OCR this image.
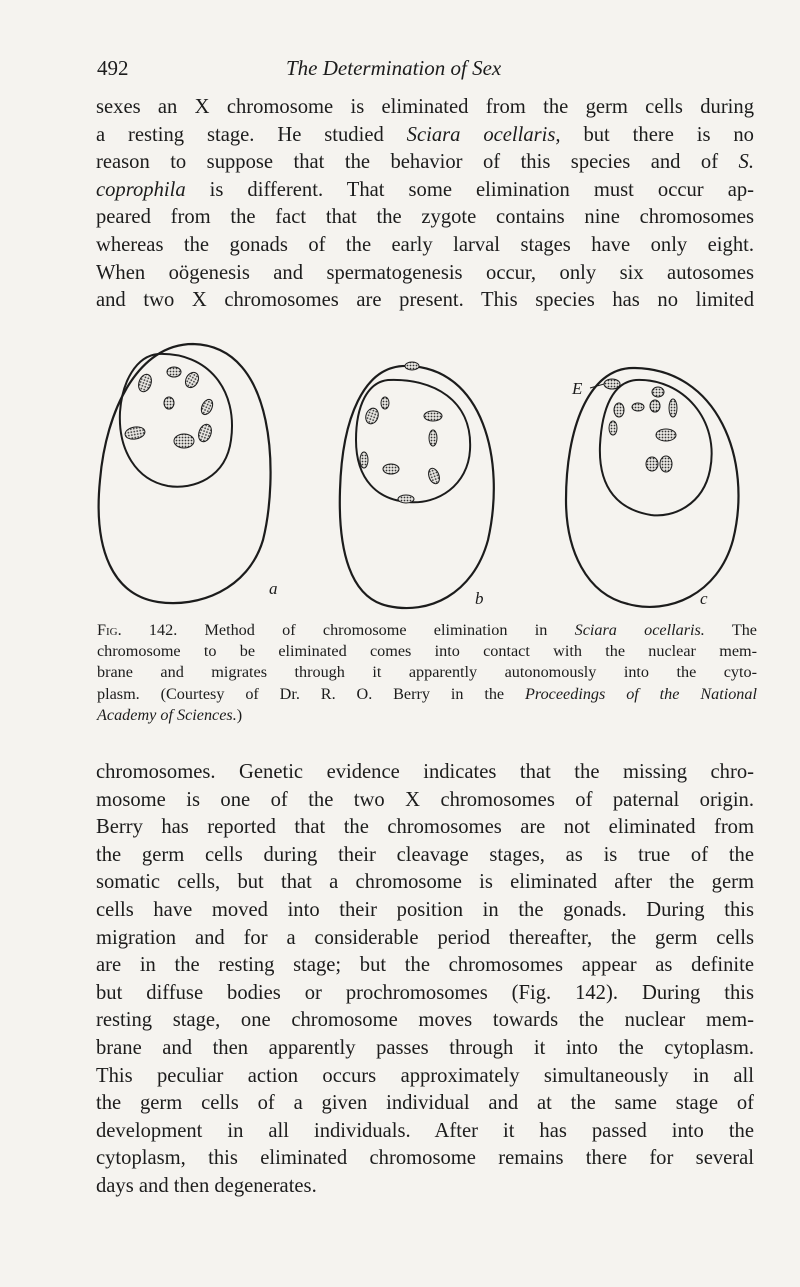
492	The Determination of Sex

sexes an X chromosome is eliminated from the germ cells during
a resting stage. He studied Sciara ocellaris, but there is no
reason to suppose that the behavior of this species and of S.
coprophila is different. That some elimination must occur ap-
peared from the fact that the zygote contains nine chromosomes
whereas the gonads of the early larval stages have only eight.
When oögenesis and spermatogenesis occur, only six autosomes
and two X chromosomes are present. This species has no limited

a
b
E
c

Fig. 142. Method of chromosome elimination in Sciara ocellaris. The
chromosome to be eliminated comes into contact with the nuclear mem-
brane and migrates through it apparently autonomously into the cyto-
plasm. (Courtesy of Dr. R. O. Berry in the Proceedings of the National
Academy of Sciences.)

chromosomes. Genetic evidence indicates that the missing chro-
mosome is one of the two X chromosomes of paternal origin.
Berry has reported that the chromosomes are not eliminated from
the germ cells during their cleavage stages, as is true of the
somatic cells, but that a chromosome is eliminated after the germ
cells have moved into their position in the gonads. During this
migration and for a considerable period thereafter, the germ cells
are in the resting stage; but the chromosomes appear as definite
but diffuse bodies or prochromosomes (Fig. 142). During this
resting stage, one chromosome moves towards the nuclear mem-
brane and then apparently passes through it into the cytoplasm.
This peculiar action occurs approximately simultaneously in all
the germ cells of a given individual and at the same stage of
development in all individuals. After it has passed into the
cytoplasm, this eliminated chromosome remains there for several
days and then degenerates.
